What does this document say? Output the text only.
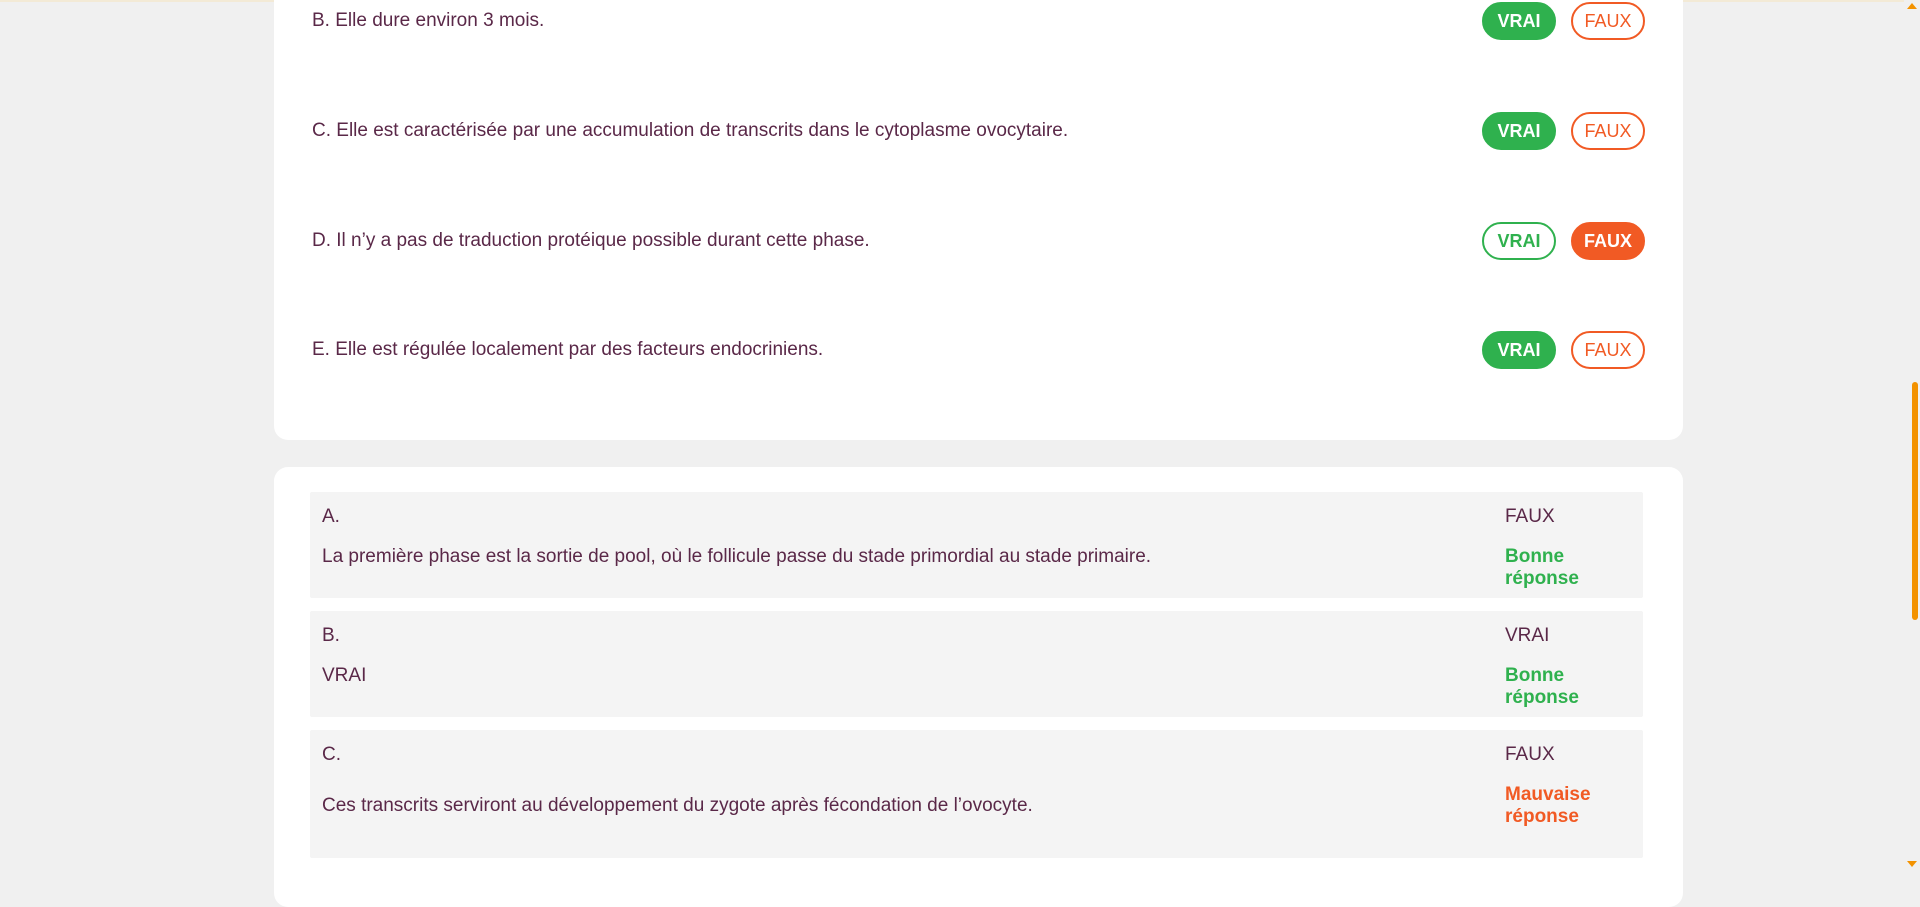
B. Elle dure environ 3 mois.	VRAI	FAUX
C. Elle est caractérisée par une accumulation de transcrits dans le cytoplasme ovocytaire.	VRAI	FAUX
D. Il n’y a pas de traduction protéique possible durant cette phase.	VRAI	FAUX
E. Elle est régulée localement par des facteurs endocriniens.	VRAI	FAUX
A.
La première phase est la sortie de pool, où le follicule passe du stade primordial au stade primaire.
FAUX
Bonne réponse
B.
VRAI
VRAI
Bonne réponse
C.
Ces transcrits serviront au développement du zygote après fécondation de l’ovocyte.
FAUX
Mauvaise réponse
